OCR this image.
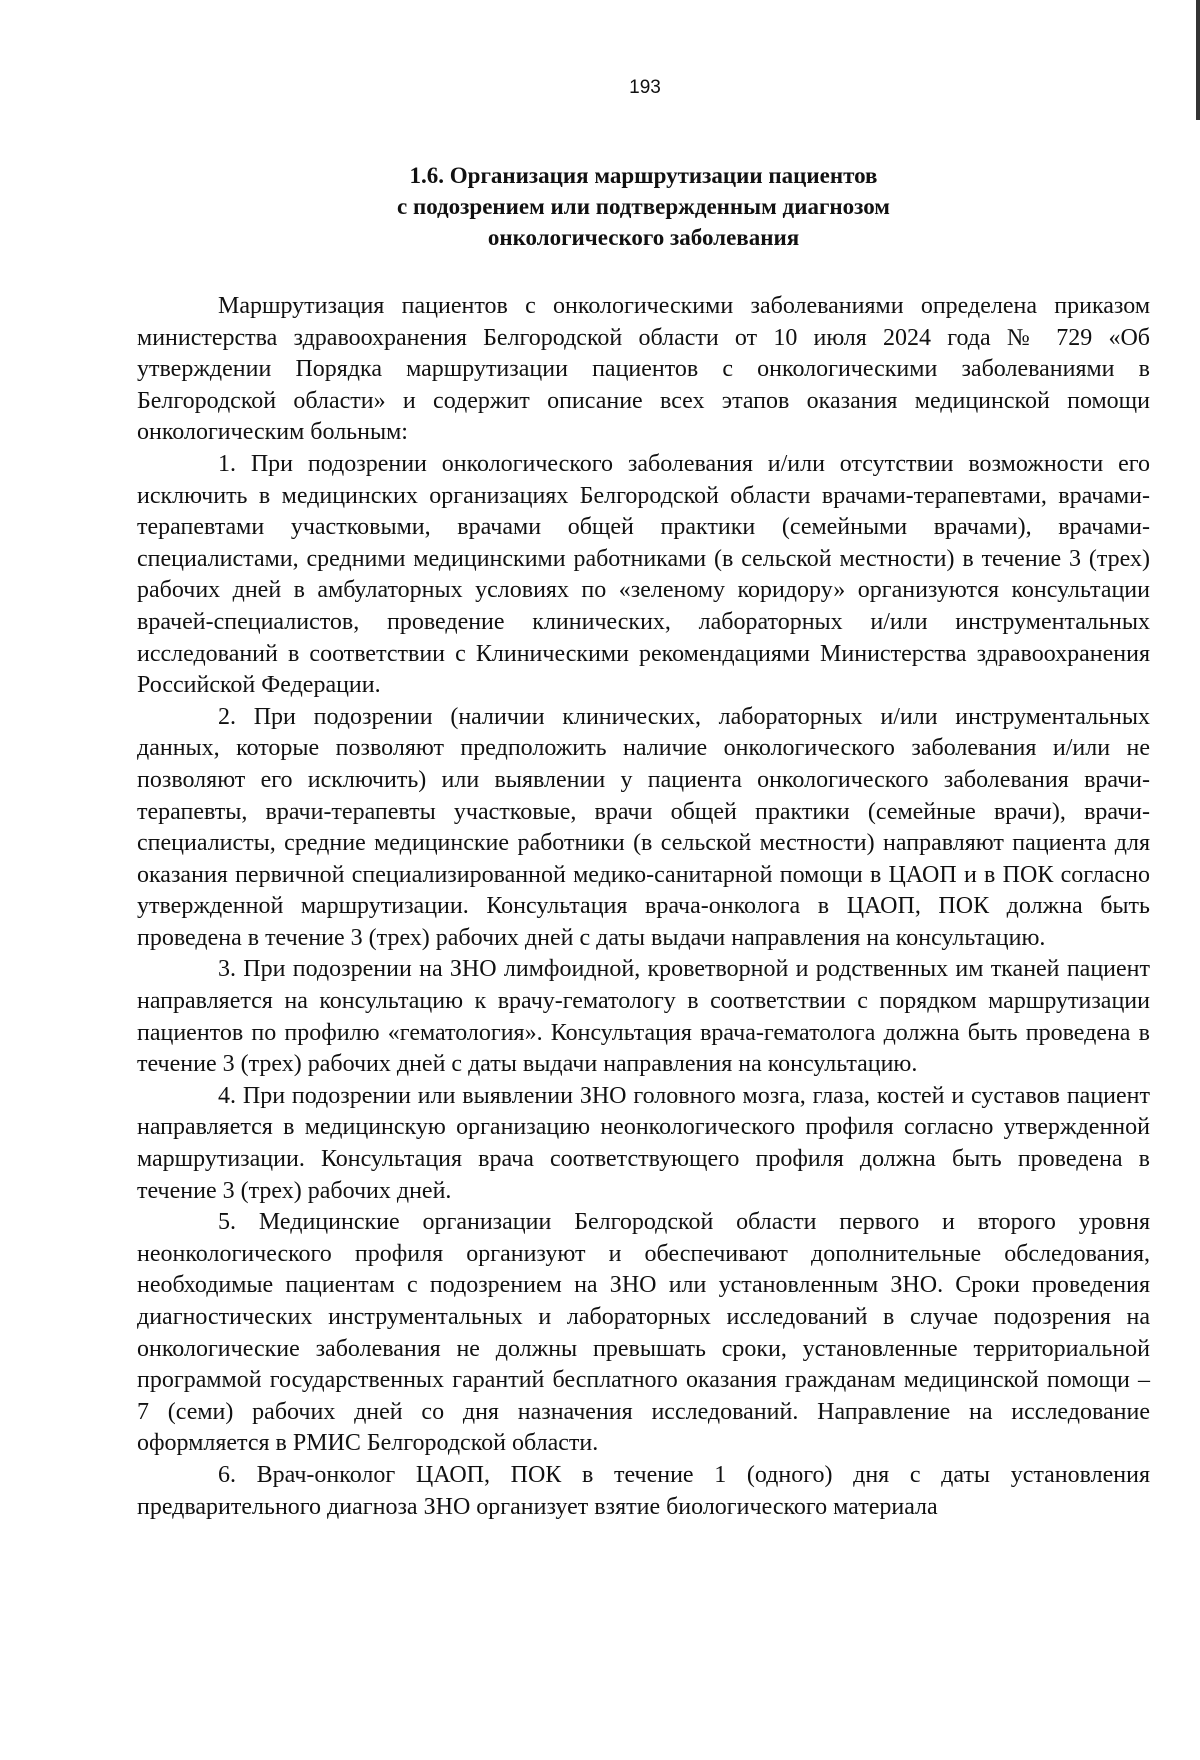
193
1.6. Организация маршрутизации пациентов
с подозрением или подтвержденным диагнозом
онкологического заболевания

Маршрутизация пациентов с онкологическими заболеваниями определена приказом министерства здравоохранения Белгородской области от 10 июля 2024 года № 729 «Об утверждении Порядка маршрутизации пациентов с онкологическими заболеваниями в Белгородской области» и содержит описание всех этапов оказания медицинской помощи онкологическим больным:

1. При подозрении онкологического заболевания и/или отсутствии возможности его исключить в медицинских организациях Белгородской области врачами-терапевтами, врачами-терапевтами участковыми, врачами общей практики (семейными врачами), врачами-специалистами, средними медицинскими работниками (в сельской местности) в течение 3 (трех) рабочих дней в амбулаторных условиях по «зеленому коридору» организуются консультации врачей-специалистов, проведение клинических, лабораторных и/или инструментальных исследований в соответствии с Клиническими рекомендациями Министерства здравоохранения Российской Федерации.

2. При подозрении (наличии клинических, лабораторных и/или инструментальных данных, которые позволяют предположить наличие онкологического заболевания и/или не позволяют его исключить) или выявлении у пациента онкологического заболевания врачи-терапевты, врачи-терапевты участковые, врачи общей практики (семейные врачи), врачи-специалисты, средние медицинские работники (в сельской местности) направляют пациента для оказания первичной специализированной медико-санитарной помощи в ЦАОП и в ПОК согласно утвержденной маршрутизации. Консультация врача-онколога в ЦАОП, ПОК должна быть проведена в течение 3 (трех) рабочих дней с даты выдачи направления на консультацию.

3. При подозрении на ЗНО лимфоидной, кроветворной и родственных им тканей пациент направляется на консультацию к врачу-гематологу в соответствии с порядком маршрутизации пациентов по профилю «гематология». Консультация врача-гематолога должна быть проведена в течение 3 (трех) рабочих дней с даты выдачи направления на консультацию.

4. При подозрении или выявлении ЗНО головного мозга, глаза, костей и суставов пациент направляется в медицинскую организацию неонкологического профиля согласно утвержденной маршрутизации. Консультация врача соответствующего профиля должна быть проведена в течение 3 (трех) рабочих дней.

5. Медицинские организации Белгородской области первого и второго уровня неонкологического профиля организуют и обеспечивают дополнительные обследования, необходимые пациентам с подозрением на ЗНО или установленным ЗНО. Сроки проведения диагностических инструментальных и лабораторных исследований в случае подозрения на онкологические заболевания не должны превышать сроки, установленные территориальной программой государственных гарантий бесплатного оказания гражданам медицинской помощи – 7 (семи) рабочих дней со дня назначения исследований. Направление на исследование оформляется в РМИС Белгородской области.

6. Врач-онколог ЦАОП, ПОК в течение 1 (одного) дня с даты установления предварительного диагноза ЗНО организует взятие биологического материала
